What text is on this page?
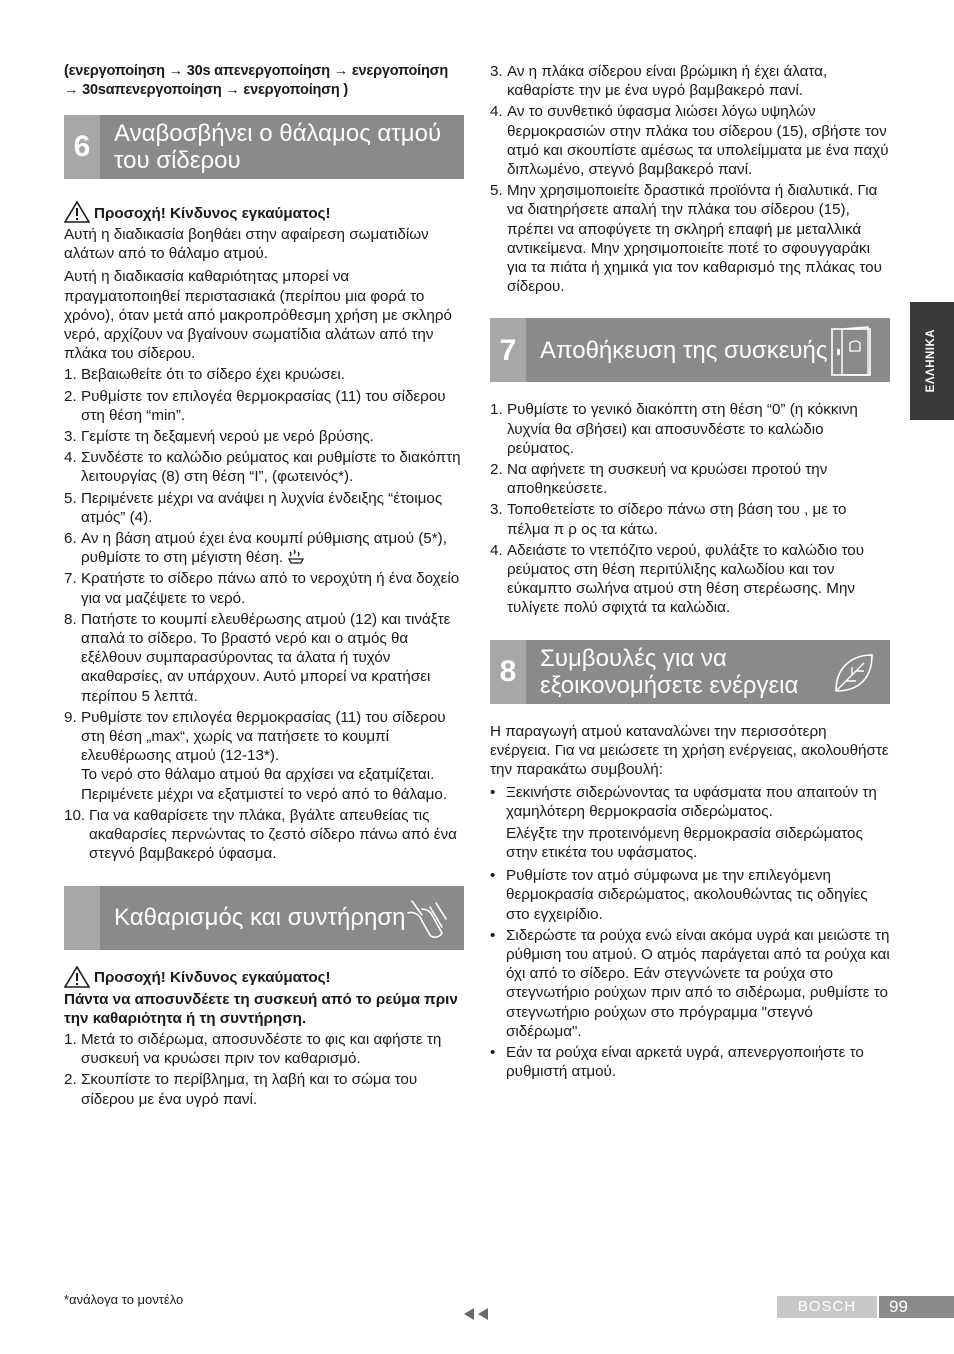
(ενεργοποίηση → 30s απενεργοποίηση → ενεργοποίηση → 30sαπενεργοποίηση → ενεργοποίηση )

6 Αναβοσβήνει ο θάλαμος ατμού του σίδερου
Προσοχή! Κίνδυνος εγκαύματος!

Αυτή η διαδικασία βοηθάει στην αφαίρεση σωματιδίων αλάτων από το θάλαμο ατμού.

Αυτή η διαδικασία καθαριότητας μπορεί να πραγματοποιηθεί περιστασιακά (περίπου μια φορά το χρόνο), όταν μετά από μακροπρόθεσμη χρήση με σκληρό νερό, αρχίζουν να βγαίνουν σωματίδια αλάτων από την πλάκα του σίδερου.

1. Βεβαιωθείτε ότι το σίδερο έχει κρυώσει.
2. Ρυθμίστε τον επιλογέα θερμοκρασίας (11) του σίδερου στη θέση “min”.
3. Γεμίστε τη δεξαμενή νερού με νερό βρύσης.
4. Συνδέστε το καλώδιο ρεύματος και ρυθμίστε το διακόπτη λειτουργίας (8) στη θέση “I”, (φωτεινός*).
5. Περιμένετε μέχρι να ανάψει η λυχνία ένδειξης “έτοιμος ατμός” (4).
6. Αν η βάση ατμού έχει ένα κουμπί ρύθμισης ατμού (5*), ρυθμίστε το στη μέγιστη θέση.
7. Κρατήστε το σίδερο πάνω από το νεροχύτη ή ένα δοχείο για να μαζέψετε το νερό.
8. Πατήστε το κουμπί ελευθέρωσης ατμού (12) και τινάξτε απαλά το σίδερο. Το βραστό νερό και ο ατμός θα εξέλθουν συμπαρασύροντας τα άλατα ή τυχόν ακαθαρσίες, αν υπάρχουν. Αυτό μπορεί να κρατήσει περίπου 5 λεπτά.
9. Ρυθμίστε τον επιλογέα θερμοκρασίας (11) του σίδερου στη θέση „max“, χωρίς να πατήσετε το κουμπί ελευθέρωσης ατμού (12-13*).
Το νερό στο θάλαμο ατμού θα αρχίσει να εξατμίζεται. Περιμένετε μέχρι να εξατμιστεί το νερό από το θάλαμο.
10. Για να καθαρίσετε την πλάκα, βγάλτε απευθείας τις ακαθαρσίες περνώντας το ζεστό σίδερο πάνω από ένα στεγνό βαμβακερό ύφασμα.
Καθαρισμός και συντήρηση
Προσοχή! Κίνδυνος εγκαύματος!

Πάντα να αποσυνδέετε τη συσκευή από το ρεύμα πριν την καθαριότητα ή τη συντήρηση.

1. Μετά το σιδέρωμα, αποσυνδέστε το φις και αφήστε τη συσκευή να κρυώσει πριν τον καθαρισμό.
2. Σκουπίστε το περίβλημα, τη λαβή και το σώμα του σίδερου με ένα υγρό πανί.
3. Αν η πλάκα σίδερου είναι βρώμικη ή έχει άλατα, καθαρίστε την με ένα υγρό βαμβακερό πανί.
4. Αν το συνθετικό ύφασμα λιώσει λόγω υψηλών θερμοκρασιών στην πλάκα του σίδερου (15), σβήστε τον ατμό και σκουπίστε αμέσως τα υπολείμματα με ένα παχύ διπλωμένο, στεγνό βαμβακερό πανί.
5. Μην χρησιμοποιείτε δραστικά προϊόντα ή διαλυτικά. Για να διατηρήσετε απαλή την πλάκα του σίδερου (15), πρέπει να αποφύγετε τη σκληρή επαφή με μεταλλικά αντικείμενα. Μην χρησιμοποιείτε ποτέ το σφουγγαράκι για τα πιάτα ή χημικά για τον καθαρισμό της πλάκας του σίδερου.
7 Αποθήκευση της συσκευής
1. Ρυθμίστε το γενικό διακόπτη στη θέση “0” (η κόκκινη λυχνία θα σβήσει) και αποσυνδέστε το καλώδιο ρεύματος.
2. Να αφήνετε τη συσκευή να κρυώσει προτού την αποθηκεύσετε.
3. Τοποθετείστε το σίδερο πάνω στη βάση του , με το πέλμα π ρ ος τα κάτω.
4. Αδειάστε το ντεπόζιτο νερού, φυλάξτε το καλώδιο του ρεύματος στη θέση περιτύλιξης καλωδίου και τον εύκαμπτο σωλήνα ατμού στη θέση στερέωσης. Μην τυλίγετε πολύ σφιχτά τα καλώδια.
8 Συμβουλές για να εξοικονομήσετε ενέργεια

Η παραγωγή ατμού καταναλώνει την περισσότερη ενέργεια. Για να μειώσετε τη χρήση ενέργειας, ακολουθήστε την παρακάτω συμβουλή:

• Ξεκινήστε σιδερώνοντας τα υφάσματα που απαιτούν τη χαμηλότερη θερμοκρασία σιδερώματος.

Ελέγξτε την προτεινόμενη θερμοκρασία σιδερώματος στην ετικέτα του υφάσματος.

• Ρυθμίστε τον ατμό σύμφωνα με την επιλεγόμενη θερμοκρασία σιδερώματος, ακολουθώντας τις οδηγίες στο εγχειρίδιο.
• Σιδερώστε τα ρούχα ενώ είναι ακόμα υγρά και μειώστε τη ρύθμιση του ατμού. Ο ατμός παράγεται από τα ρούχα και όχι από το σίδερο. Εάν στεγνώνετε τα ρούχα στο στεγνωτήριο ρούχων πριν από το σιδέρωμα, ρυθμίστε το στεγνωτήριο ρούχων στο πρόγραμμα "στεγνό σιδέρωμα".
• Εάν τα ρούχα είναι αρκετά υγρά, απενεργοποιήστε το ρυθμιστή ατμού.
ΕΛΛΗΝΙΚΑ
*ανάλογα το μοντέλο	BOSCH	99
